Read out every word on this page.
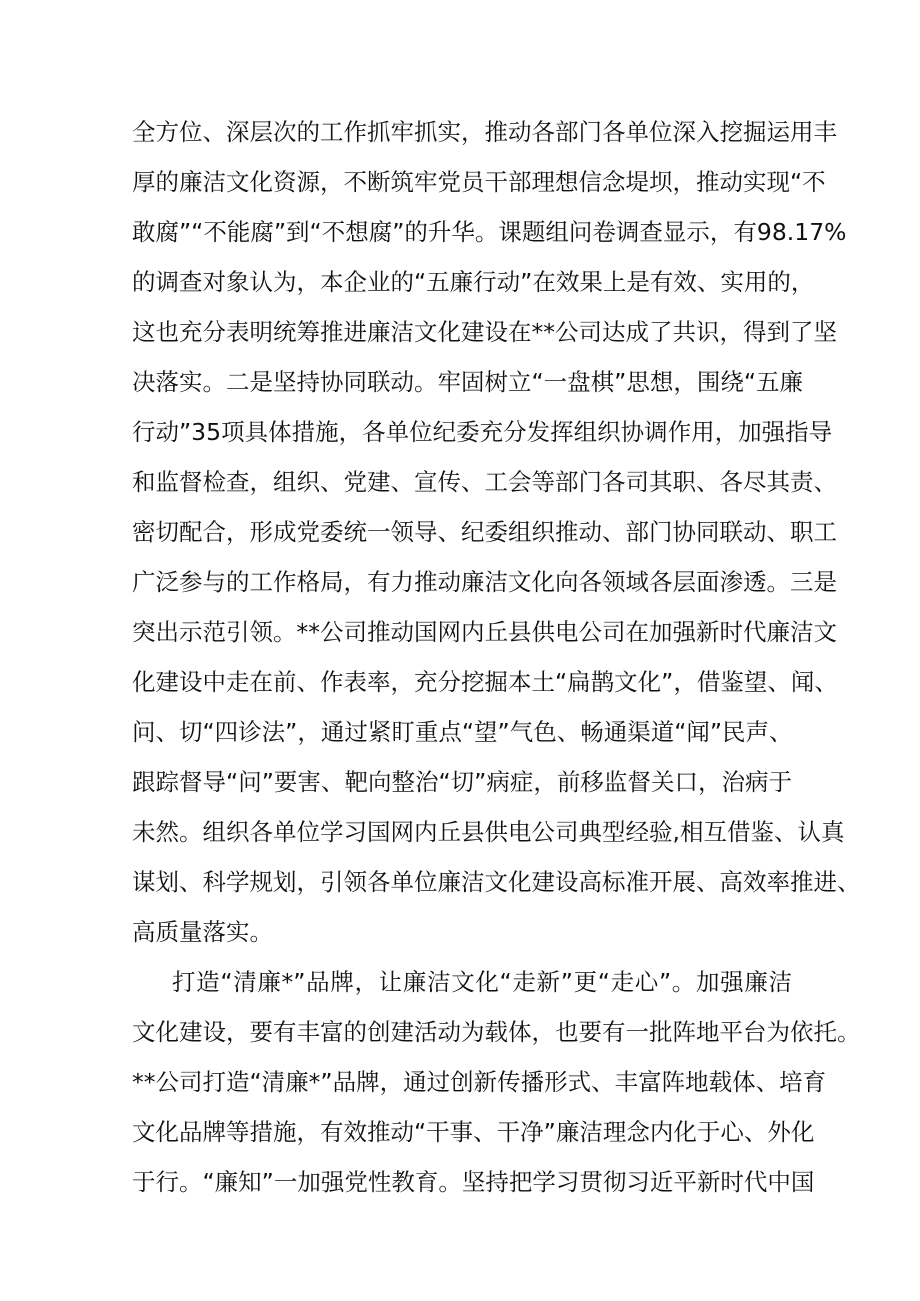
全方位、深层次的工作抓牢抓实，推动各部门各单位深入挖掘运用丰
厚的廉洁文化资源，不断筑牢党员干部理想信念堤坝，推动实现“不
敢腐”“不能腐”到“不想腐”的升华。课题组问卷调查显示，有98.17%
的调查对象认为，本企业的“五廉行动”在效果上是有效、实用的，
这也充分表明统筹推进廉洁文化建设在**公司达成了共识，得到了坚
决落实。二是坚持协同联动。牢固树立“一盘棋”思想，围绕“五廉
行动”35项具体措施，各单位纪委充分发挥组织协调作用，加强指导
和监督检查，组织、党建、宣传、工会等部门各司其职、各尽其责、
密切配合，形成党委统一领导、纪委组织推动、部门协同联动、职工
广泛参与的工作格局，有力推动廉洁文化向各领域各层面渗透。三是
突出示范引领。**公司推动国网内丘县供电公司在加强新时代廉洁文
化建设中走在前、作表率，充分挖掘本土“扁鹊文化”，借鉴望、闻、
问、切“四诊法”，通过紧盯重点“望”气色、畅通渠道“闻”民声、
跟踪督导“问”要害、靶向整治“切”病症，前移监督关口，治病于
未然。组织各单位学习国网内丘县供电公司典型经验,相互借鉴、认真
谋划、科学规划，引领各单位廉洁文化建设高标准开展、高效率推进、
高质量落实。
打造“清廉*”品牌，让廉洁文化“走新”更“走心”。加强廉洁
文化建设，要有丰富的创建活动为载体，也要有一批阵地平台为依托。
**公司打造“清廉*”品牌，通过创新传播形式、丰富阵地载体、培育
文化品牌等措施，有效推动“干事、干净”廉洁理念内化于心、外化
于行。“廉知”一加强党性教育。坚持把学习贯彻习近平新时代中国
